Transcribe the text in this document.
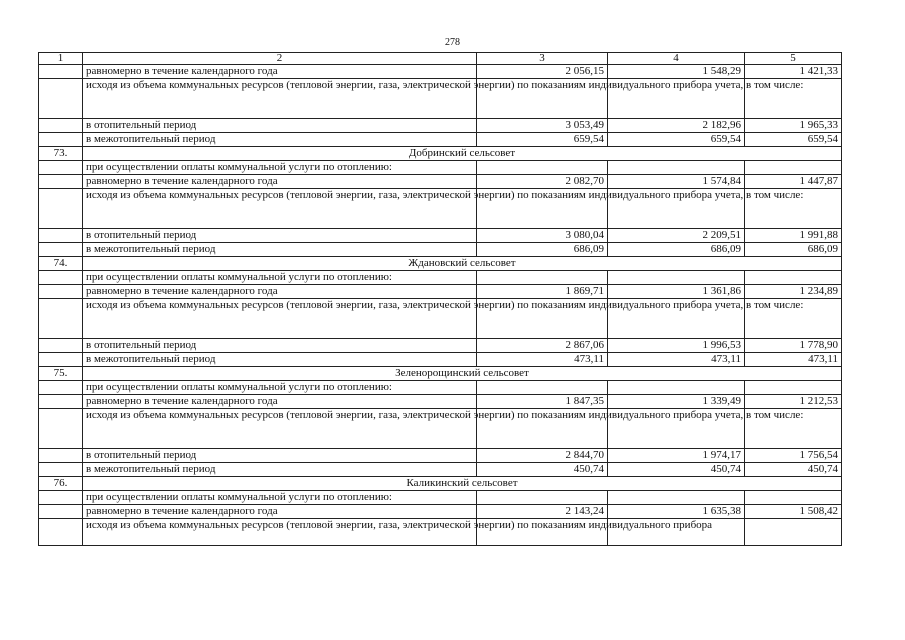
278
1	2	3	4	5
	равномерно в течение календарного года	2 056,15	1 548,29	1 421,33
	исходя из объема коммунальных ресурсов (тепловой энергии, газа, электрической энергии) по показаниям индивидуального прибора учета, в том числе:			
	в отопительный период	3 053,49	2 182,96	1 965,33
	в межотопительный период	659,54	659,54	659,54
73.	Добринский сельсовет			
	при осуществлении оплаты коммунальной услуги по отоплению:			
	равномерно в течение календарного года	2 082,70	1 574,84	1 447,87
	исходя из объема коммунальных ресурсов (тепловой энергии, газа, электрической энергии) по показаниям индивидуального прибора учета, в том числе:			
	в отопительный период	3 080,04	2 209,51	1 991,88
	в межотопительный период	686,09	686,09	686,09
74.	Ждановский сельсовет			
	при осуществлении оплаты коммунальной услуги по отоплению:			
	равномерно в течение календарного года	1 869,71	1 361,86	1 234,89
	исходя из объема коммунальных ресурсов (тепловой энергии, газа, электрической энергии) по показаниям индивидуального прибора учета, в том числе:			
	в отопительный период	2 867,06	1 996,53	1 778,90
	в межотопительный период	473,11	473,11	473,11
75.	Зеленорощинский сельсовет			
	при осуществлении оплаты коммунальной услуги по отоплению:			
	равномерно в течение календарного года	1 847,35	1 339,49	1 212,53
	исходя из объема коммунальных ресурсов (тепловой энергии, газа, электрической энергии) по показаниям индивидуального прибора учета, в том числе:			
	в отопительный период	2 844,70	1 974,17	1 756,54
	в межотопительный период	450,74	450,74	450,74
76.	Каликинский сельсовет			
	при осуществлении оплаты коммунальной услуги по отоплению:			
	равномерно в течение календарного года	2 143,24	1 635,38	1 508,42
	исходя из объема коммунальных ресурсов (тепловой энергии, газа, электрической энергии) по показаниям индивидуального прибора			
